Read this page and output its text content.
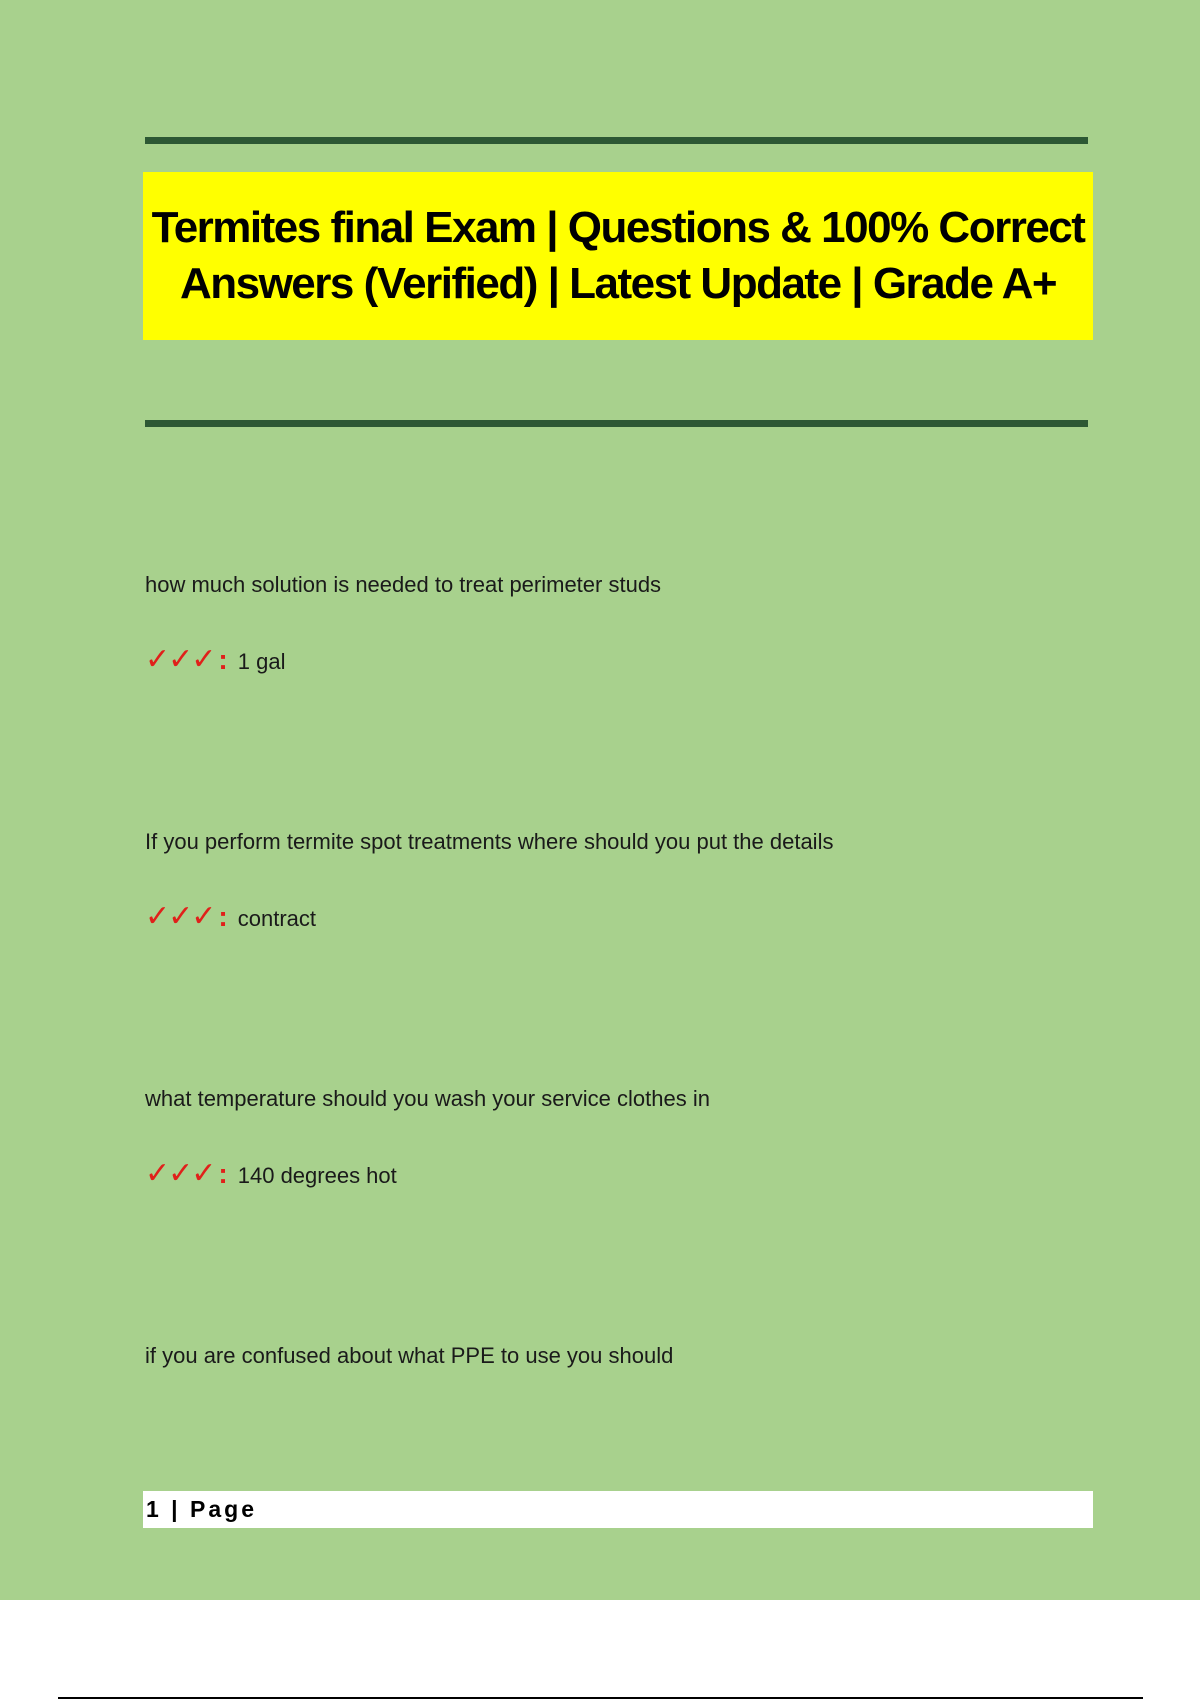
Termites final Exam | Questions & 100% Correct Answers (Verified) | Latest Update | Grade A+
how much solution is needed to treat perimeter studs
✓✓✓ : 1 gal
If you perform termite spot treatments where should you put the details
✓✓✓ : contract
what temperature should you wash your service clothes in
✓✓✓ : 140 degrees hot
if you are confused about what PPE to use you should
1 | Page
